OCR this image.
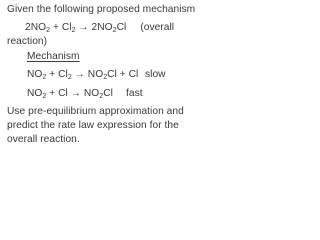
Given the following proposed mechanism
$2NO_2 + Cl_2 \to 2NO_2Cl$ (overall
reaction)
Mechanism
$NO_2 + Cl_2 \to NO_2Cl + Cl$ slow
$NO_2 + Cl \to NO_2Cl$ fast
Use pre-equilibrium approximation and
predict the rate law expression for the
overall reaction.
